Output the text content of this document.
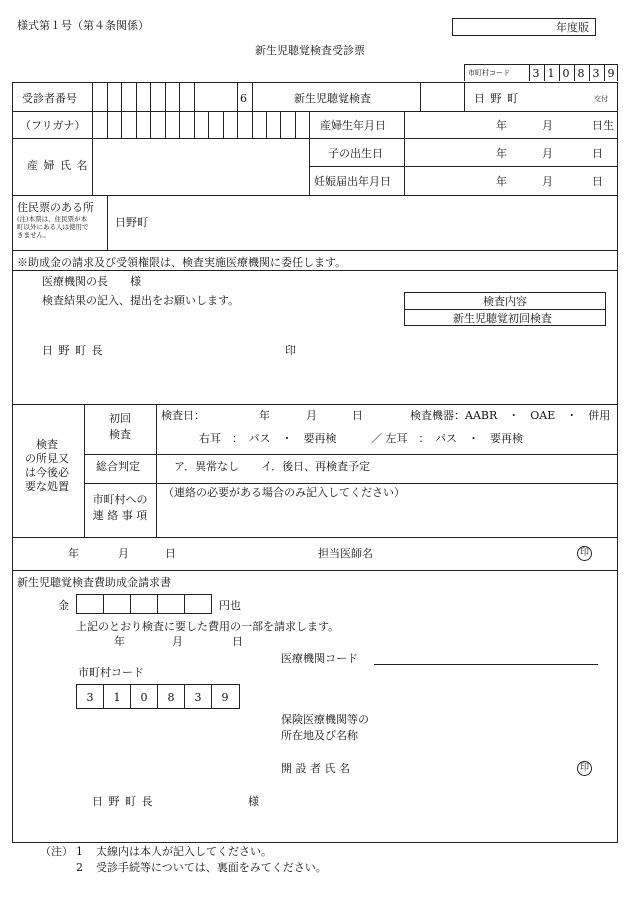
様式第１号（第４条関係）	年度版
新生児聴覚検査受診票
市町村コード 3 1 0 8 3 9
受診者番号	6	新生児聴覚検査	日 野 町	交付
（フリガナ）	産婦生年月日	年	月	日生
産 婦 氏 名
子の出生日	年	月	日
妊娠届出年月日	年	月	日
住民票のある所
(注)本票は、住民票が本町以外にある人は使用できません。
日野町
※助成金の請求及び受領権限は、検査実施医療機関に委任します。
医療機関の長　　様
検査結果の記入、提出をお願いします。	検査内容
新生児聴覚初回検査
日 野 町 長	印
検査
の所見又
は今後必
要な処置
初回
検査
検査日：	年	月	日	検査機器：AABR　・　OAE　・　併用
右耳　：　パス　・　要再検	／ 左耳　：　パス　・　要再検
総合判定	ア．異常なし　　イ．後日、再検査予定
市町村への
連 絡 事 項
（連絡の必要がある場合のみ記入してください）
年	月	日	担当医師名	印
新生児聴覚検査費助成金請求書
金	円也
上記のとおり検査に要した費用の一部を請求します。
年	月	日
医療機関コード
市町村コード
3 1 0 8 3 9
保険医療機関等の
所在地及び名称
開 設 者 氏 名	印
日 野 町 長	様
（注） 1 太線内は本人が記入してください。
2 受診手続等については、裏面をみてください。
